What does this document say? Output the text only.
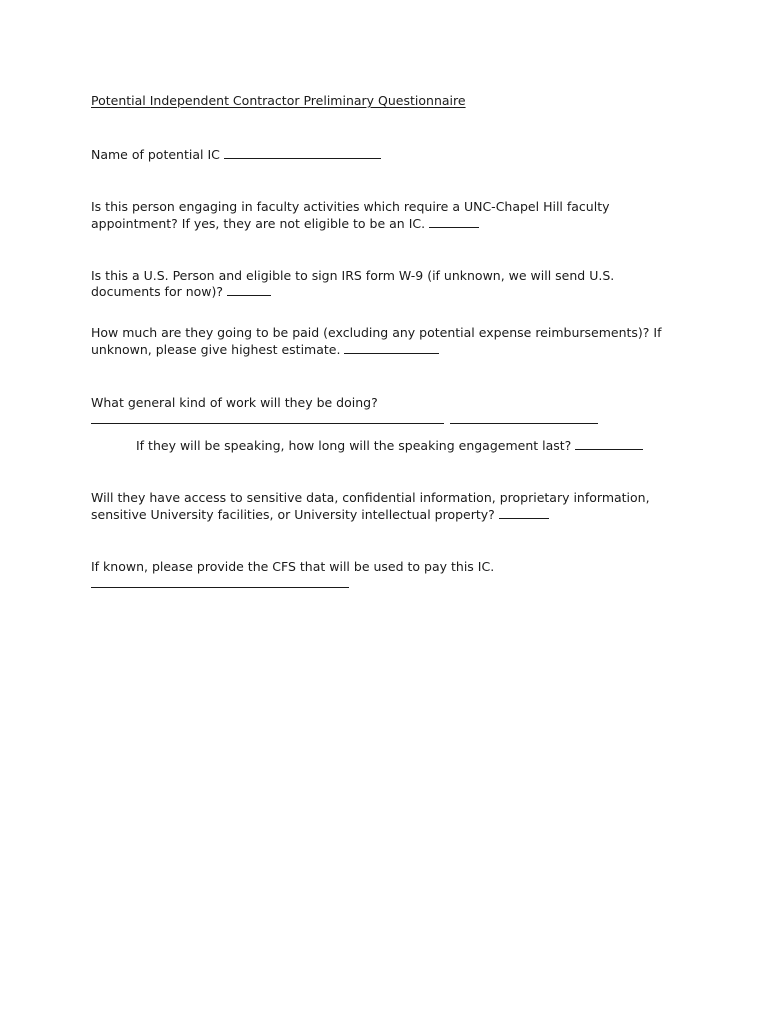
Potential Independent Contractor Preliminary Questionnaire
Name of potential IC
Is this person engaging in faculty activities which require a UNC-Chapel Hill faculty
appointment? If yes, they are not eligible to be an IC.
Is this a U.S. Person and eligible to sign IRS form W-9 (if unknown, we will send U.S.
documents for now)?
How much are they going to be paid (excluding any potential expense reimbursements)? If
unknown, please give highest estimate.
What general kind of work will they be doing?

If they will be speaking, how long will the speaking engagement last?
Will they have access to sensitive data, confidential information, proprietary information,
sensitive University facilities, or University intellectual property?
If known, please provide the CFS that will be used to pay this IC.
